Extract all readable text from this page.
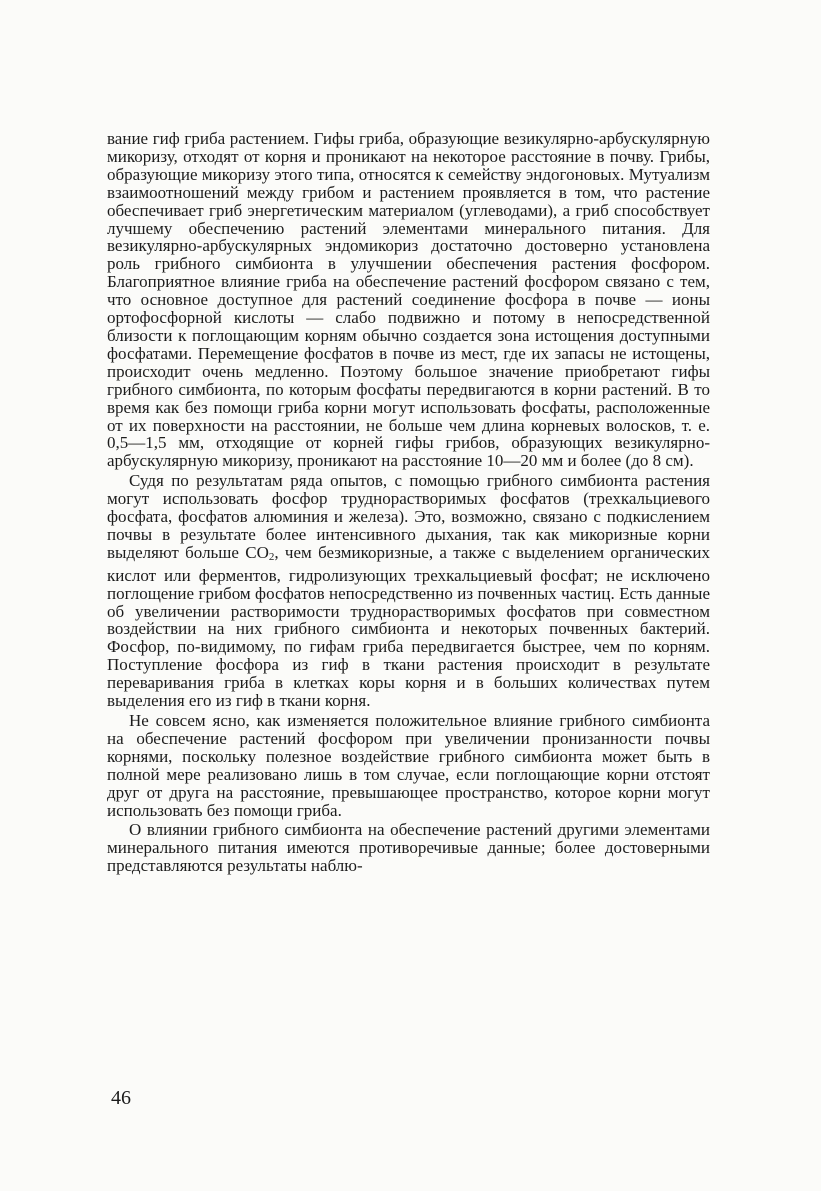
вание гиф гриба растением. Гифы гриба, образующие везикулярно-арбускулярную микоризу, отходят от корня и проникают на некоторое расстояние в почву. Грибы, образующие микоризу этого типа, относятся к семейству эндогоновых. Мутуализм взаимоотношений между грибом и растением проявляется в том, что растение обеспечивает гриб энергетическим материалом (углеводами), а гриб способствует лучшему обеспечению растений элементами минерального питания. Для везикулярно-арбускулярных эндомикориз достаточно достоверно установлена роль грибного симбионта в улучшении обеспечения растения фосфором. Благоприятное влияние гриба на обеспечение растений фосфором связано с тем, что основное доступное для растений соединение фосфора в почве — ионы ортофосфорной кислоты — слабо подвижно и потому в непосредственной близости к поглощающим корням обычно создается зона истощения доступными фосфатами. Перемещение фосфатов в почве из мест, где их запасы не истощены, происходит очень медленно. Поэтому большое значение приобретают гифы грибного симбионта, по которым фосфаты передвигаются в корни растений. В то время как без помощи гриба корни могут использовать фосфаты, расположенные от их поверхности на расстоянии, не больше чем длина корневых волосков, т. е. 0,5—1,5 мм, отходящие от корней гифы грибов, образующих везикулярно-арбускулярную микоризу, проникают на расстояние 10—20 мм и более (до 8 см).

Судя по результатам ряда опытов, с помощью грибного симбионта растения могут использовать фосфор труднорастворимых фосфатов (трехкальциевого фосфата, фосфатов алюминия и железа). Это, возможно, связано с подкислением почвы в результате более интенсивного дыхания, так как микоризные корни выделяют больше CO2, чем безмикоризные, а также с выделением органических кислот или ферментов, гидролизующих трехкальциевый фосфат; не исключено поглощение грибом фосфатов непосредственно из почвенных частиц. Есть данные об увеличении растворимости труднорастворимых фосфатов при совместном воздействии на них грибного симбионта и некоторых почвенных бактерий. Фосфор, по-видимому, по гифам гриба передвигается быстрее, чем по корням. Поступление фосфора из гиф в ткани растения происходит в результате переваривания гриба в клетках коры корня и в больших количествах путем выделения его из гиф в ткани корня.

Не совсем ясно, как изменяется положительное влияние грибного симбионта на обеспечение растений фосфором при увеличении пронизанности почвы корнями, поскольку полезное воздействие грибного симбионта может быть в полной мере реализовано лишь в том случае, если поглощающие корни отстоят друг от друга на расстояние, превышающее пространство, которое корни могут использовать без помощи гриба.

О влиянии грибного симбионта на обеспечение растений другими элементами минерального питания имеются противоречивые данные; более достоверными представляются результаты наблю-

46
